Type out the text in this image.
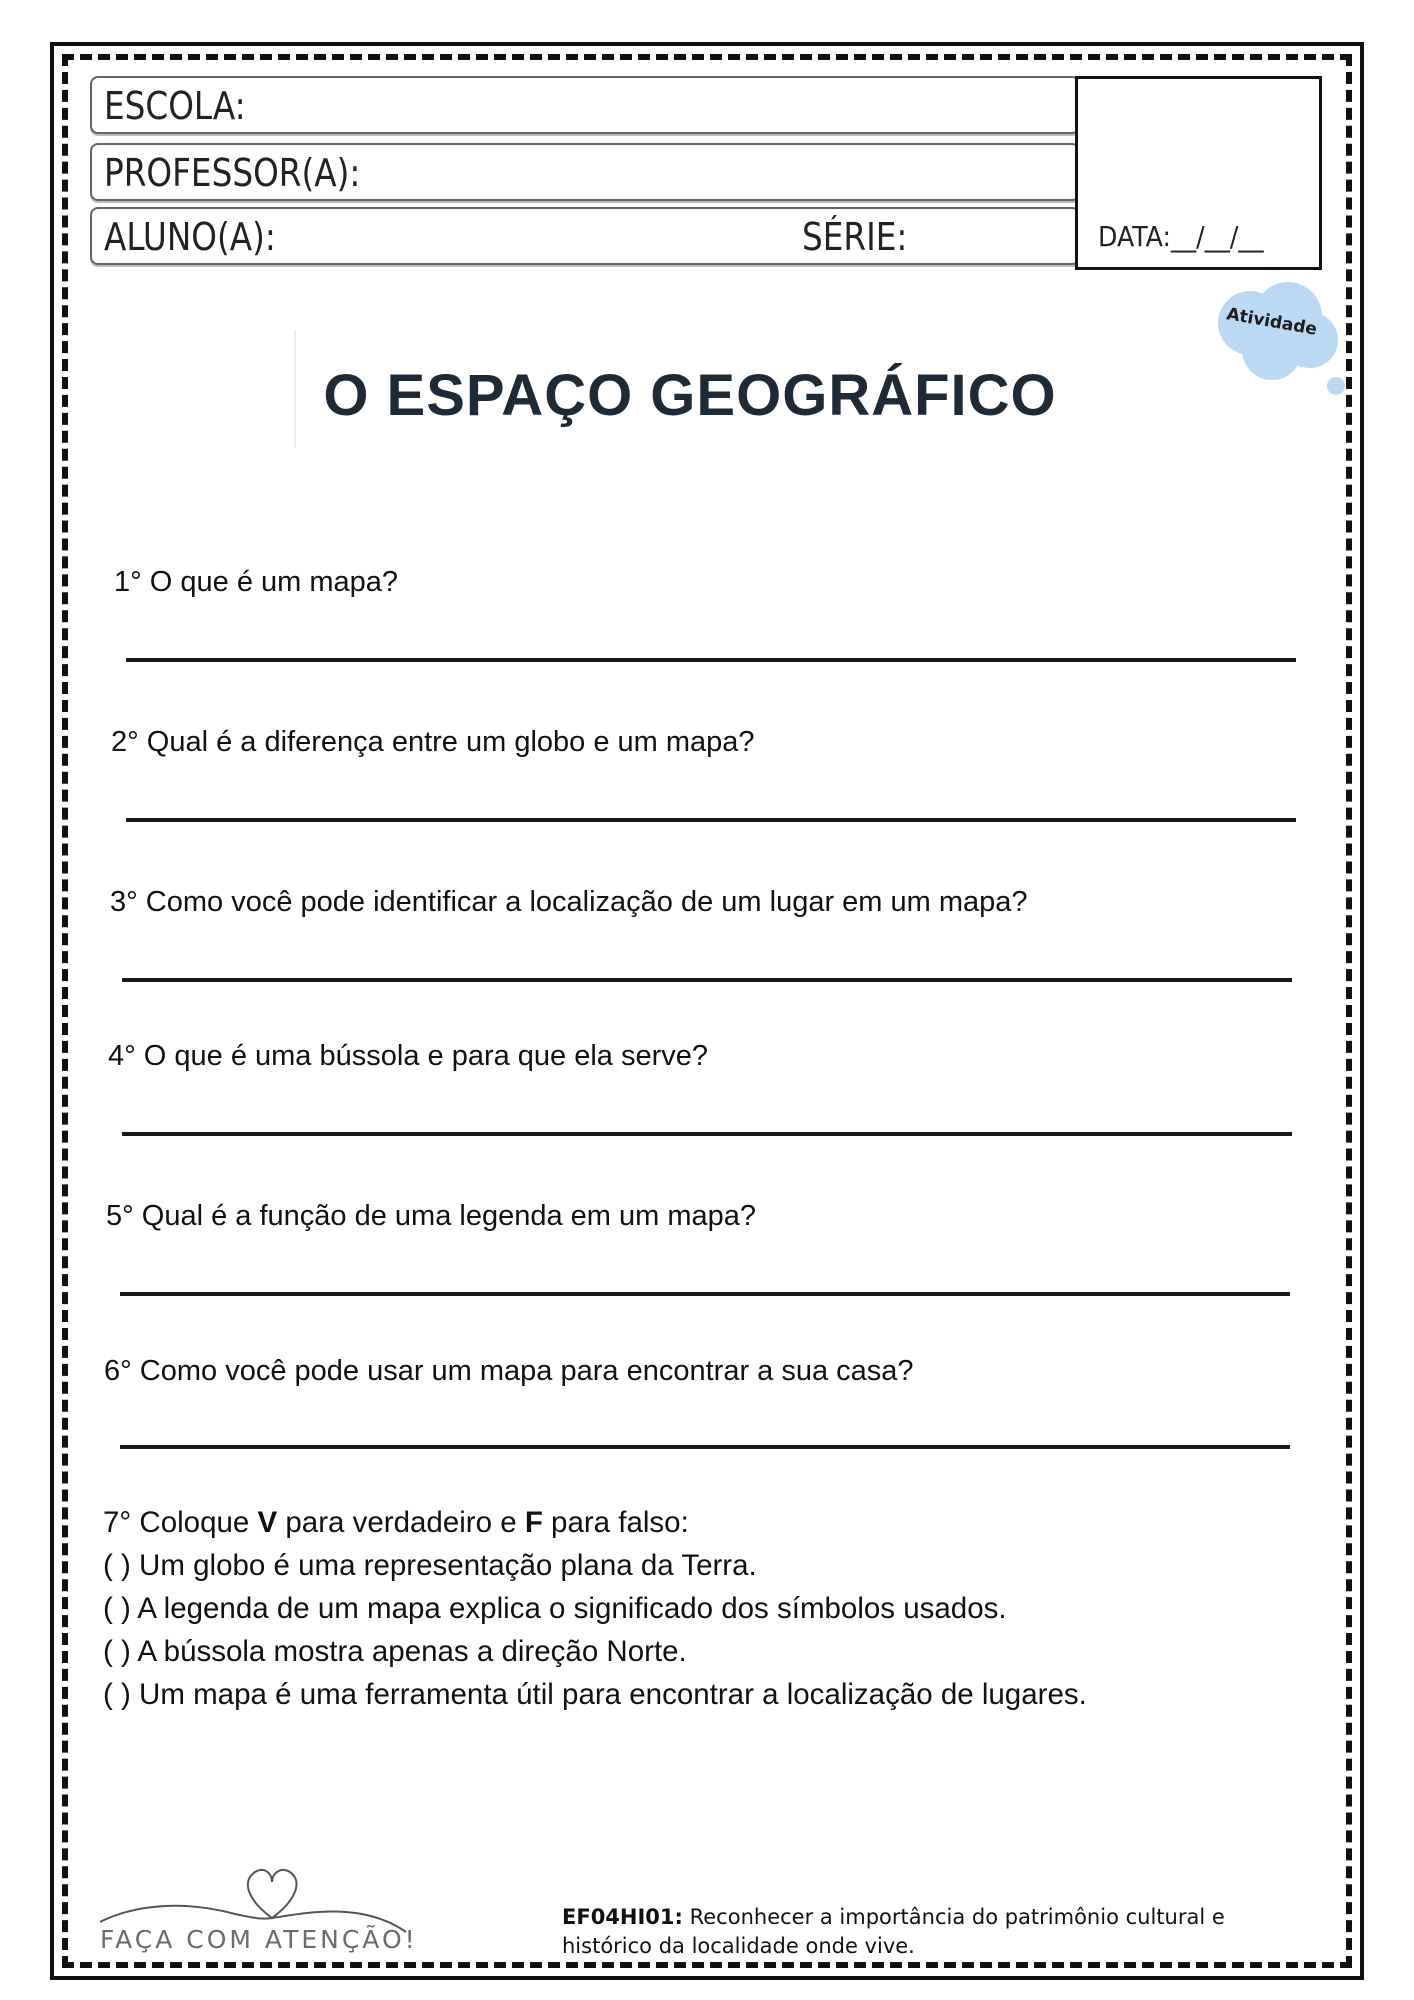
ESCOLA:
PROFESSOR(A):
ALUNO(A):	SÉRIE:	DATA:__/__/__
Atividade
O ESPAÇO GEOGRÁFICO
1° O que é um mapa?
2° Qual é a diferença entre um globo e um mapa?
3° Como você pode identificar a localização de um lugar em um mapa?
4° O que é uma bússola e para que ela serve?
5° Qual é a função de uma legenda em um mapa?
6° Como você pode usar um mapa para encontrar a sua casa?
7° Coloque V para verdadeiro e F para falso:
( ) Um globo é uma representação plana da Terra.
( ) A legenda de um mapa explica o significado dos símbolos usados.
( ) A bússola mostra apenas a direção Norte.
( ) Um mapa é uma ferramenta útil para encontrar a localização de lugares.
FAÇA COM ATENÇÃO!
EF04HI01: Reconhecer a importância do patrimônio cultural e histórico da localidade onde vive.
